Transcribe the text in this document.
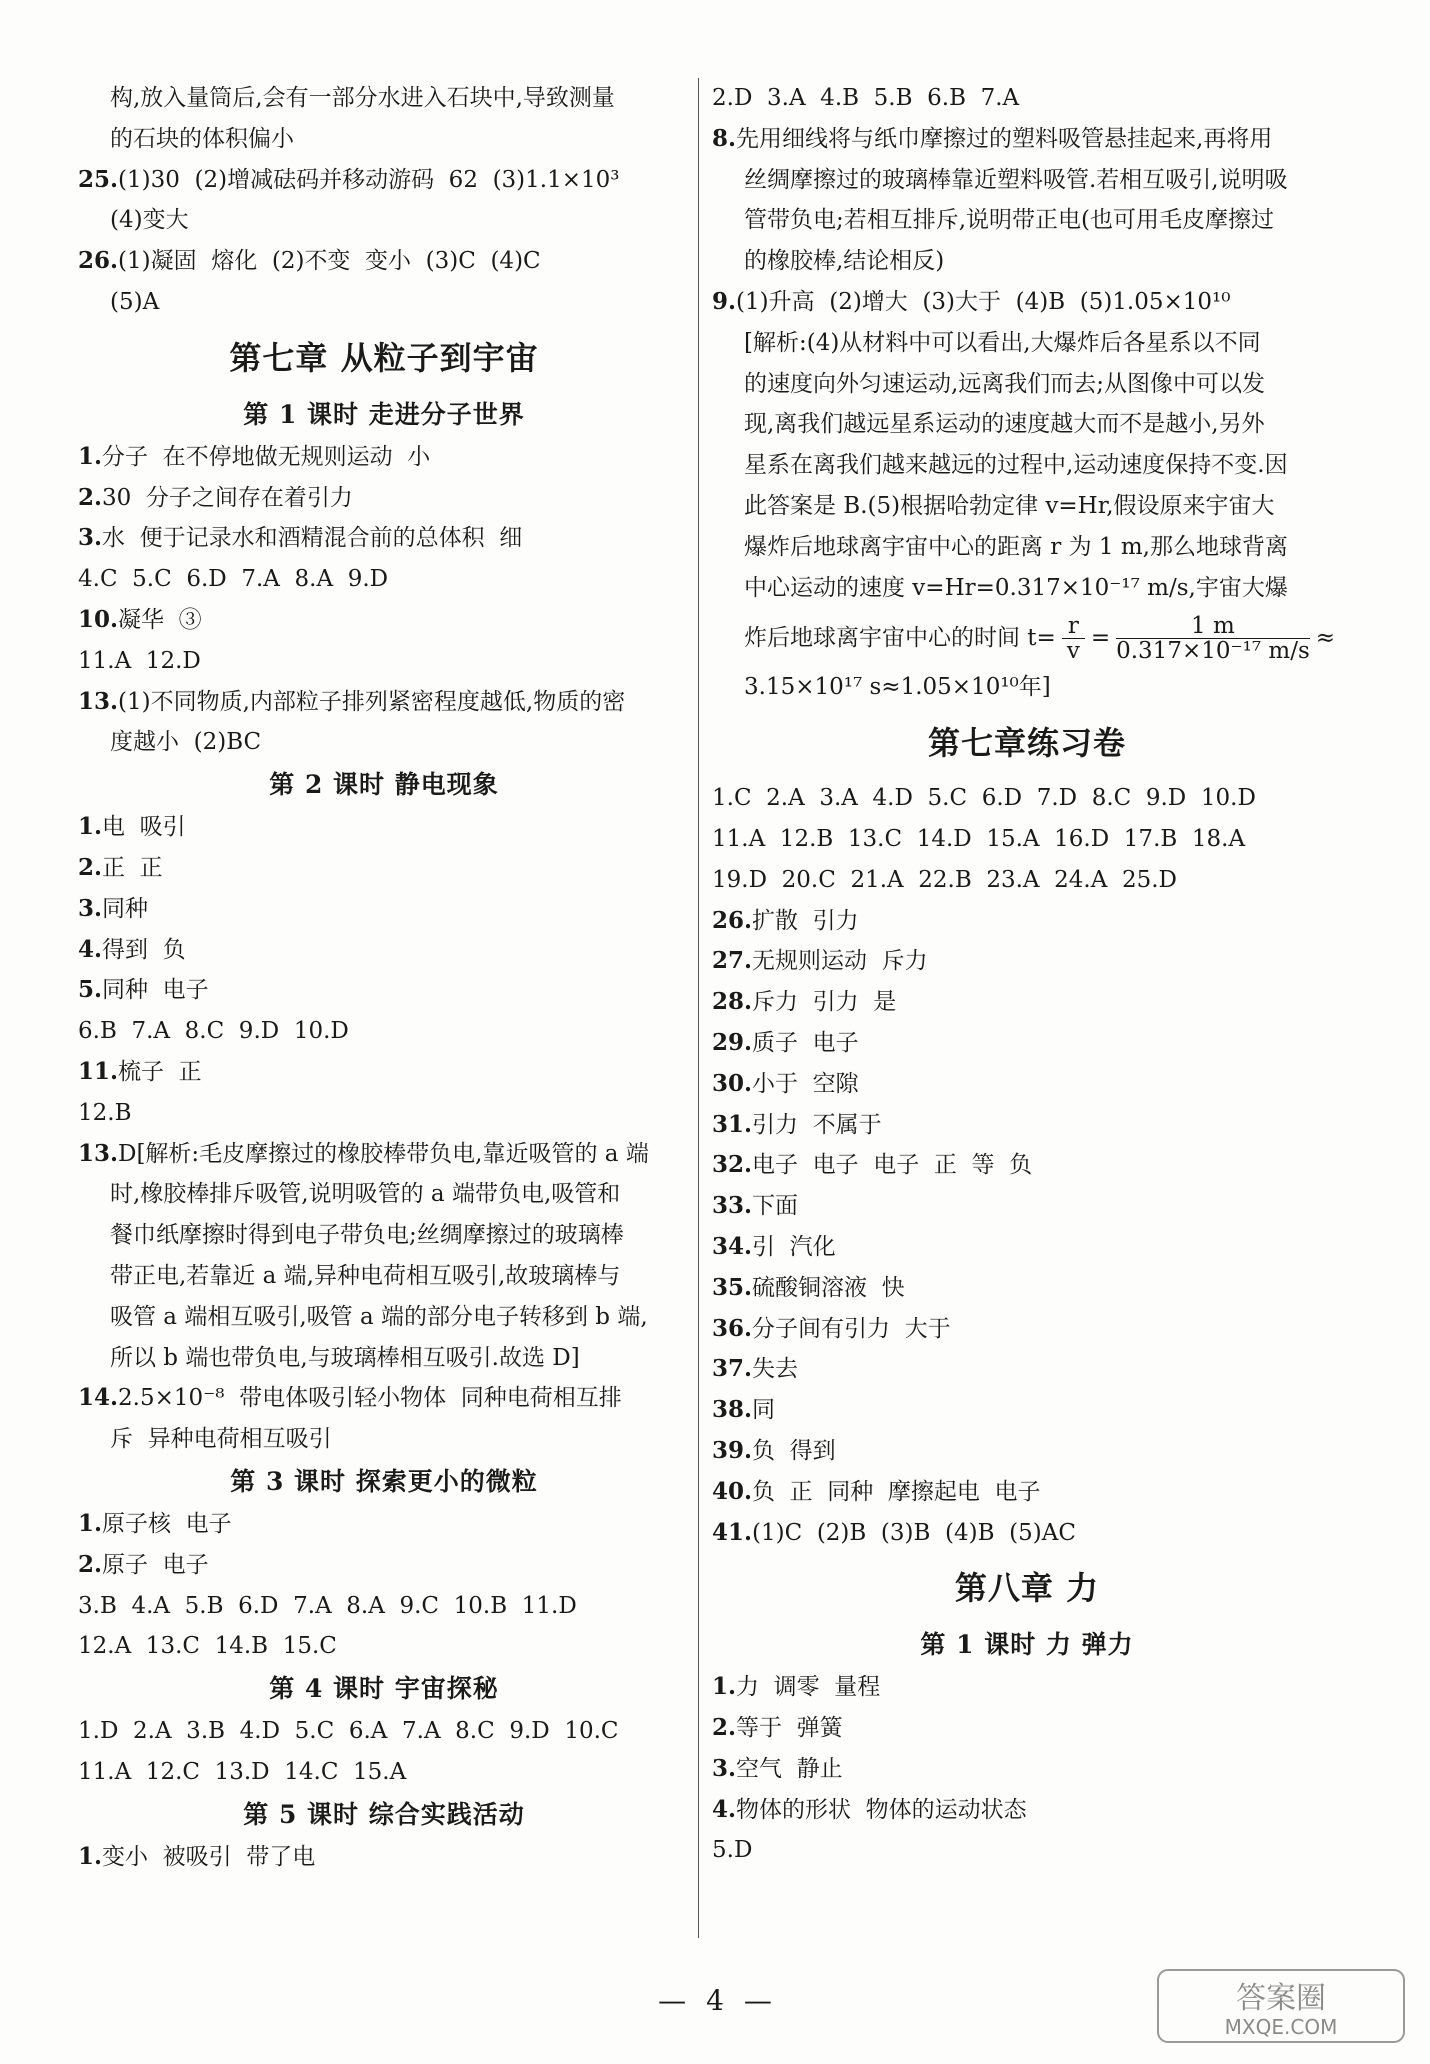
构,放入量筒后,会有一部分水进入石块中,导致测量
的石块的体积偏小
25.(1)30  (2)增减砝码并移动游码  62  (3)1.1×10³
(4)变大
26.(1)凝固  熔化  (2)不变  变小  (3)C  (4)C
(5)A
第七章 从粒子到宇宙
第 1 课时 走进分子世界
1.分子  在不停地做无规则运动  小
2.30  分子之间存在着引力
3.水  便于记录水和酒精混合前的总体积  细
4.C  5.C  6.D  7.A  8.A  9.D
10.凝华  ③
11.A  12.D
13.(1)不同物质,内部粒子排列紧密程度越低,物质的密
度越小  (2)BC
第 2 课时 静电现象
1.电  吸引
2.正  正
3.同种
4.得到  负
5.同种  电子
6.B  7.A  8.C  9.D  10.D
11.梳子  正
12.B
13.D[解析:毛皮摩擦过的橡胶棒带负电,靠近吸管的 a 端
时,橡胶棒排斥吸管,说明吸管的 a 端带负电,吸管和
餐巾纸摩擦时得到电子带负电;丝绸摩擦过的玻璃棒
带正电,若靠近 a 端,异种电荷相互吸引,故玻璃棒与
吸管 a 端相互吸引,吸管 a 端的部分电子转移到 b 端,
所以 b 端也带负电,与玻璃棒相互吸引.故选 D]
14.2.5×10⁻⁸  带电体吸引轻小物体  同种电荷相互排
斥  异种电荷相互吸引
第 3 课时 探索更小的微粒
1.原子核  电子
2.原子  电子
3.B  4.A  5.B  6.D  7.A  8.A  9.C  10.B  11.D
12.A  13.C  14.B  15.C
第 4 课时 宇宙探秘
1.D  2.A  3.B  4.D  5.C  6.A  7.A  8.C  9.D  10.C
11.A  12.C  13.D  14.C  15.A
第 5 课时 综合实践活动
1.变小  被吸引  带了电
2.D  3.A  4.B  5.B  6.B  7.A
8.先用细线将与纸巾摩擦过的塑料吸管悬挂起来,再将用
丝绸摩擦过的玻璃棒靠近塑料吸管.若相互吸引,说明吸
管带负电;若相互排斥,说明带正电(也可用毛皮摩擦过
的橡胶棒,结论相反)
9.(1)升高  (2)增大  (3)大于  (4)B  (5)1.05×10¹⁰
[解析:(4)从材料中可以看出,大爆炸后各星系以不同
的速度向外匀速运动,远离我们而去;从图像中可以发
现,离我们越远星系运动的速度越大而不是越小,另外
星系在离我们越来越远的过程中,运动速度保持不变.因
此答案是 B.(5)根据哈勃定律 v=Hr,假设原来宇宙大
爆炸后地球离宇宙中心的距离 r 为 1 m,那么地球背离
中心运动的速度 v=Hr=0.317×10⁻¹⁷ m/s,宇宙大爆
炸后地球离宇宙中心的时间 $t= \frac{r}{v} = \frac{1 m}{\text{0.317×10⁻¹⁷ m/s}}$ ≈
3.15×10¹⁷ s≈1.05×10¹⁰年]
第七章练习卷
1.C  2.A  3.A  4.D  5.C  6.D  7.D  8.C  9.D  10.D
11.A  12.B  13.C  14.D  15.A  16.D  17.B  18.A
19.D  20.C  21.A  22.B  23.A  24.A  25.D
26.扩散  引力
27.无规则运动  斥力
28.斥力  引力  是
29.质子  电子
30.小于  空隙
31.引力  不属于
32.电子  电子  电子  正  等  负
33.下面
34.引  汽化
35.硫酸铜溶液  快
36.分子间有引力  大于
37.失去
38.同
39.负  得到
40.负  正  同种  摩擦起电  电子
41.(1)C  (2)B  (3)B  (4)B  (5)AC
第八章 力
第 1 课时 力 弹力
1.力  调零  量程
2.等于  弹簧
3.空气  静止
4.物体的形状  物体的运动状态
5.D
— 4 —	答案圈
MXQE.COM
